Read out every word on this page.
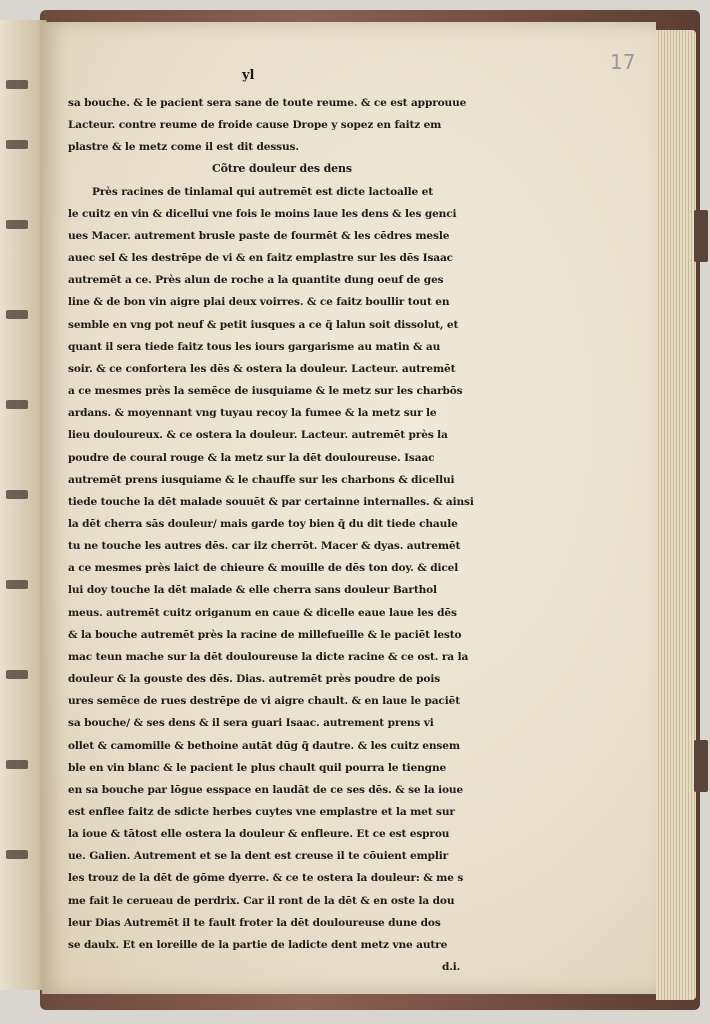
17
yl
sa bouche. & le pacient sera sane de toute reume. & ce est approuue
Lacteur. contre reume de froide cause Drope y sopez en faitz em
plastre & le metz come il est dit dessus.
Cõtre douleur des dens
Près racines de tinlamal qui autremēt est dicte lactoalle et
le cuitz en vin & dicellui vne fois le moins laue les dens & les genci
ues Macer. autrement brusle paste de fourmēt & les cēdres mesle
auec sel & les destrēpe de vi & en faitz emplastre sur les dēs Isaac
autremēt a ce. Près alun de roche a la quantite dung oeuf de ges
line & de bon vin aigre plai deux voirres. & ce faitz boullir tout en
semble en vng pot neuf & petit iusques a ce q̃ lalun soit dissolut, et
quant il sera tiede faitz tous les iours gargarisme au matin & au
soir. & ce confortera les dēs & ostera la douleur. Lacteur. autremēt
a ce mesmes près la semēce de iusquiame & le metz sur les charbōs
ardans. & moyennant vng tuyau recoy la fumee & la metz sur le
lieu douloureux. & ce ostera la douleur. Lacteur. autremēt près la
poudre de coural rouge & la metz sur la dēt douloureuse. Isaac
autremēt prens iusquiame & le chauffe sur les charbons & dicellui
tiede touche la dēt malade souuēt & par certainne internalles. & ainsi
la dēt cherra sās douleur/ mais garde toy bien q̃ du dit tiede chaule
tu ne touche les autres dēs. car ilz cherrōt. Macer & dyas. autremēt
a ce mesmes près laict de chieure & mouille de dēs ton doy. & dicel
lui doy touche la dēt malade & elle cherra sans douleur Barthol
meus. autremēt cuitz origanum en caue & dicelle eaue laue les dēs
& la bouche autremēt près la racine de millefueille & le paciēt lesto
mac teun mache sur la dēt douloureuse la dicte racine & ce ost. ra la
douleur & la gouste des dēs. Dias. autremēt près poudre de pois
ures semēce de rues destrēpe de vi aigre chault. & en laue le paciēt
sa bouche/ & ses dens & il sera guari Isaac. autrement prens vi
ollet & camomille & bethoine autāt dūg q̃ dautre. & les cuitz ensem
ble en vin blanc & le pacient le plus chault quil pourra le tiengne
en sa bouche par lōgue esspace en laudāt de ce ses dēs. & se la ioue
est enflee faitz de sdicte herbes cuytes vne emplastre et la met sur
la ioue & tātost elle ostera la douleur & enfleure. Et ce est esprou
ue. Galien. Autrement et se la dent est creuse il te cōuient emplir
les trouz de la dēt de gōme dyerre. & ce te ostera la douleur: & me s
me fait le cerueau de perdrix. Car il ront de la dēt & en oste la dou
leur Dias Autremēt il te fault froter la dēt douloureuse dune dos
se daulx. Et en loreille de la partie de ladicte dent metz vne autre
d.i.
